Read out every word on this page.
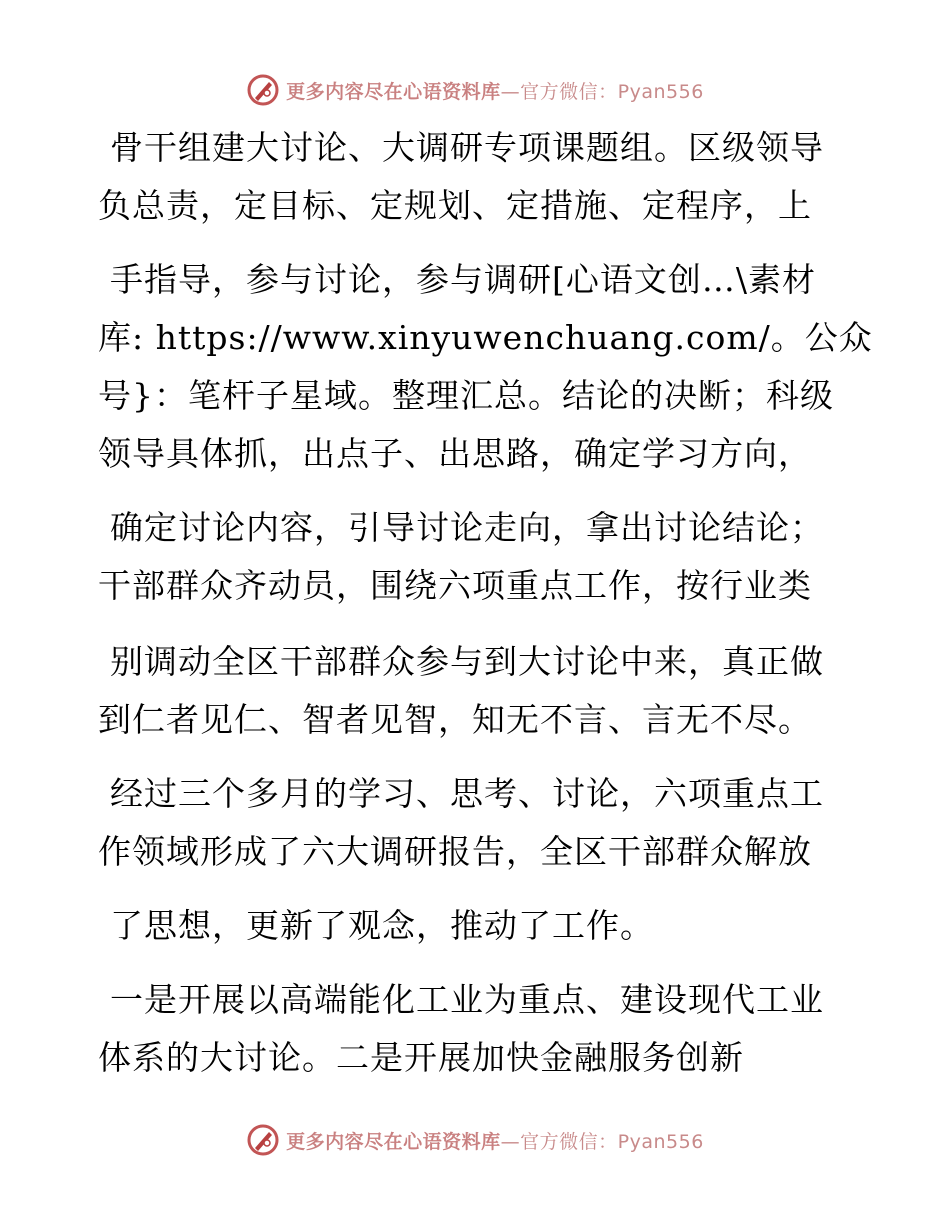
更多内容尽在心语资料库—官方微信：Pyan556
骨干组建大讨论、大调研专项课题组。区级领导
负总责，定目标、定规划、定措施、定程序，上
手指导，参与讨论，参与调研[心语文创…\素材
库: https://www.xinyuwenchuang.com/。公众
号}：笔杆子星域。整理汇总。结论的决断；科级
领导具体抓，出点子、出思路，确定学习方向，
确定讨论内容，引导讨论走向，拿出讨论结论；
干部群众齐动员，围绕六项重点工作，按行业类
别调动全区干部群众参与到大讨论中来，真正做
到仁者见仁、智者见智，知无不言、言无不尽。
经过三个多月的学习、思考、讨论，六项重点工
作领域形成了六大调研报告，全区干部群众解放
了思想，更新了观念，推动了工作。
一是开展以高端能化工业为重点、建设现代工业
体系的大讨论。二是开展加快金融服务创新
更多内容尽在心语资料库—官方微信：Pyan556
